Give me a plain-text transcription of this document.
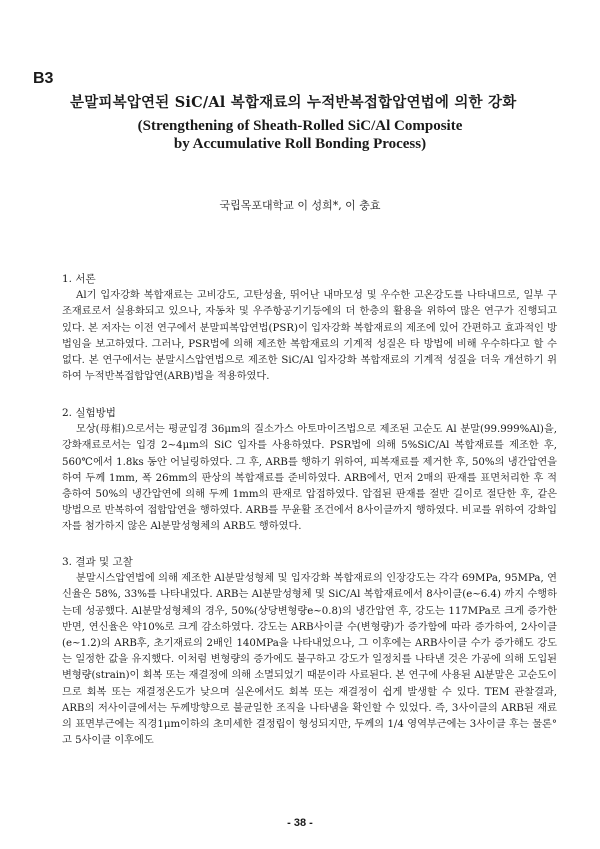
B3
분말피복압연된 SiC/Al 복합재료의 누적반복접합압연법에 의한 강화
(Strengthening of Sheath-Rolled SiC/Al Composite
by Accumulative Roll Bonding Process)
국립목포대학교 이 성희*, 이 충효
1. 서론

Al기 입자강화 복합재료는 고비강도, 고탄성율, 뛰어난 내마모성 및 우수한 고온강도를 나타내므로, 일부 구조재료로서 실용화되고 있으나, 자동차 및 우주항공기기등에의 더 한층의 활용을 위하여 많은 연구가 진행되고 있다. 본 저자는 이전 연구에서 분말피복압연법(PSR)이 입자강화 복합재료의 제조에 있어 간편하고 효과적인 방법임을 보고하였다. 그러나, PSR법에 의해 제조한 복합재료의 기계적 성질은 타 방법에 비해 우수하다고 할 수 없다. 본 연구에서는 분말시스압연법으로 제조한 SiC/Al 입자강화 복합재료의 기계적 성질을 더욱 개선하기 위하여 누적반복접합압연(ARB)법을 적용하였다.

2. 실험방법

모상(母相)으로서는 평균입경 36μm의 질소가스 아토마이즈법으로 제조된 고순도 Al 분말(99.999%Al)을, 강화재료로서는 입경 2~4μm의 SiC 입자를 사용하였다. PSR법에 의해 5%SiC/Al 복합재료를 제조한 후, 560℃에서 1.8ks 동안 어닐링하였다. 그 후, ARB를 행하기 위하여, 피복재료를 제거한 후, 50%의 냉간압연을 하여 두께 1mm, 폭 26mm의 판상의 복합재료를 준비하였다. ARB에서, 먼저 2매의 판재를 표면처리한 후 적층하여 50%의 냉간압연에 의해 두께 1mm의 판재로 압접하였다. 압접된 판재를 절반 길이로 절단한 후, 같은 방법으로 반복하여 접합압연을 행하였다. ARB를 무윤활 조건에서 8사이클까지 행하였다. 비교를 위하여 강화입자를 첨가하지 않은 Al분말성형체의 ARB도 행하였다.

3. 결과 및 고찰

분말시스압연법에 의해 제조한 Al분말성형체 및 입자강화 복합재료의 인장강도는 각각 69MPa, 95MPa, 연신율은 58%, 33%를 나타내었다. ARB는 Al분말성형체 및 SiC/Al 복합재료에서 8사이클(e~6.4) 까지 수행하는데 성공했다. Al분말성형체의 경우, 50%(상당변형량e~0.8)의 냉간압연 후, 강도는 117MPa로 크게 증가한 반면, 연신율은 약10%로 크게 감소하였다. 강도는 ARB사이클 수(변형량)가 증가함에 따라 증가하여, 2사이클(e~1.2)의 ARB후, 초기재료의 2배인 140MPa을 나타내었으나, 그 이후에는 ARB사이클 수가 증가해도 강도는 일정한 값을 유지했다. 이처럼 변형량의 증가에도 불구하고 강도가 일정치를 나타낸 것은 가공에 의해 도입된 변형량(strain)이 회복 또는 재결정에 의해 소멸되었기 때문이라 사료된다. 본 연구에 사용된 Al분말은 고순도이므로 회복 또는 재결정온도가 낮으며 실온에서도 회복 또는 재결정이 쉽게 발생할 수 있다. TEM 관찰결과, ARB의 저사이클에서는 두께방향으로 불균일한 조직을 나타냄을 확인할 수 있었다. 즉, 3사이클의 ARB된 재료의 표면부근에는 직경1μm이하의 초미세한 결정립이 형성되지만, 두께의 1/4 영역부근에는 3사이클 후는 물론°고 5사이클 이후에도

- 38 -
